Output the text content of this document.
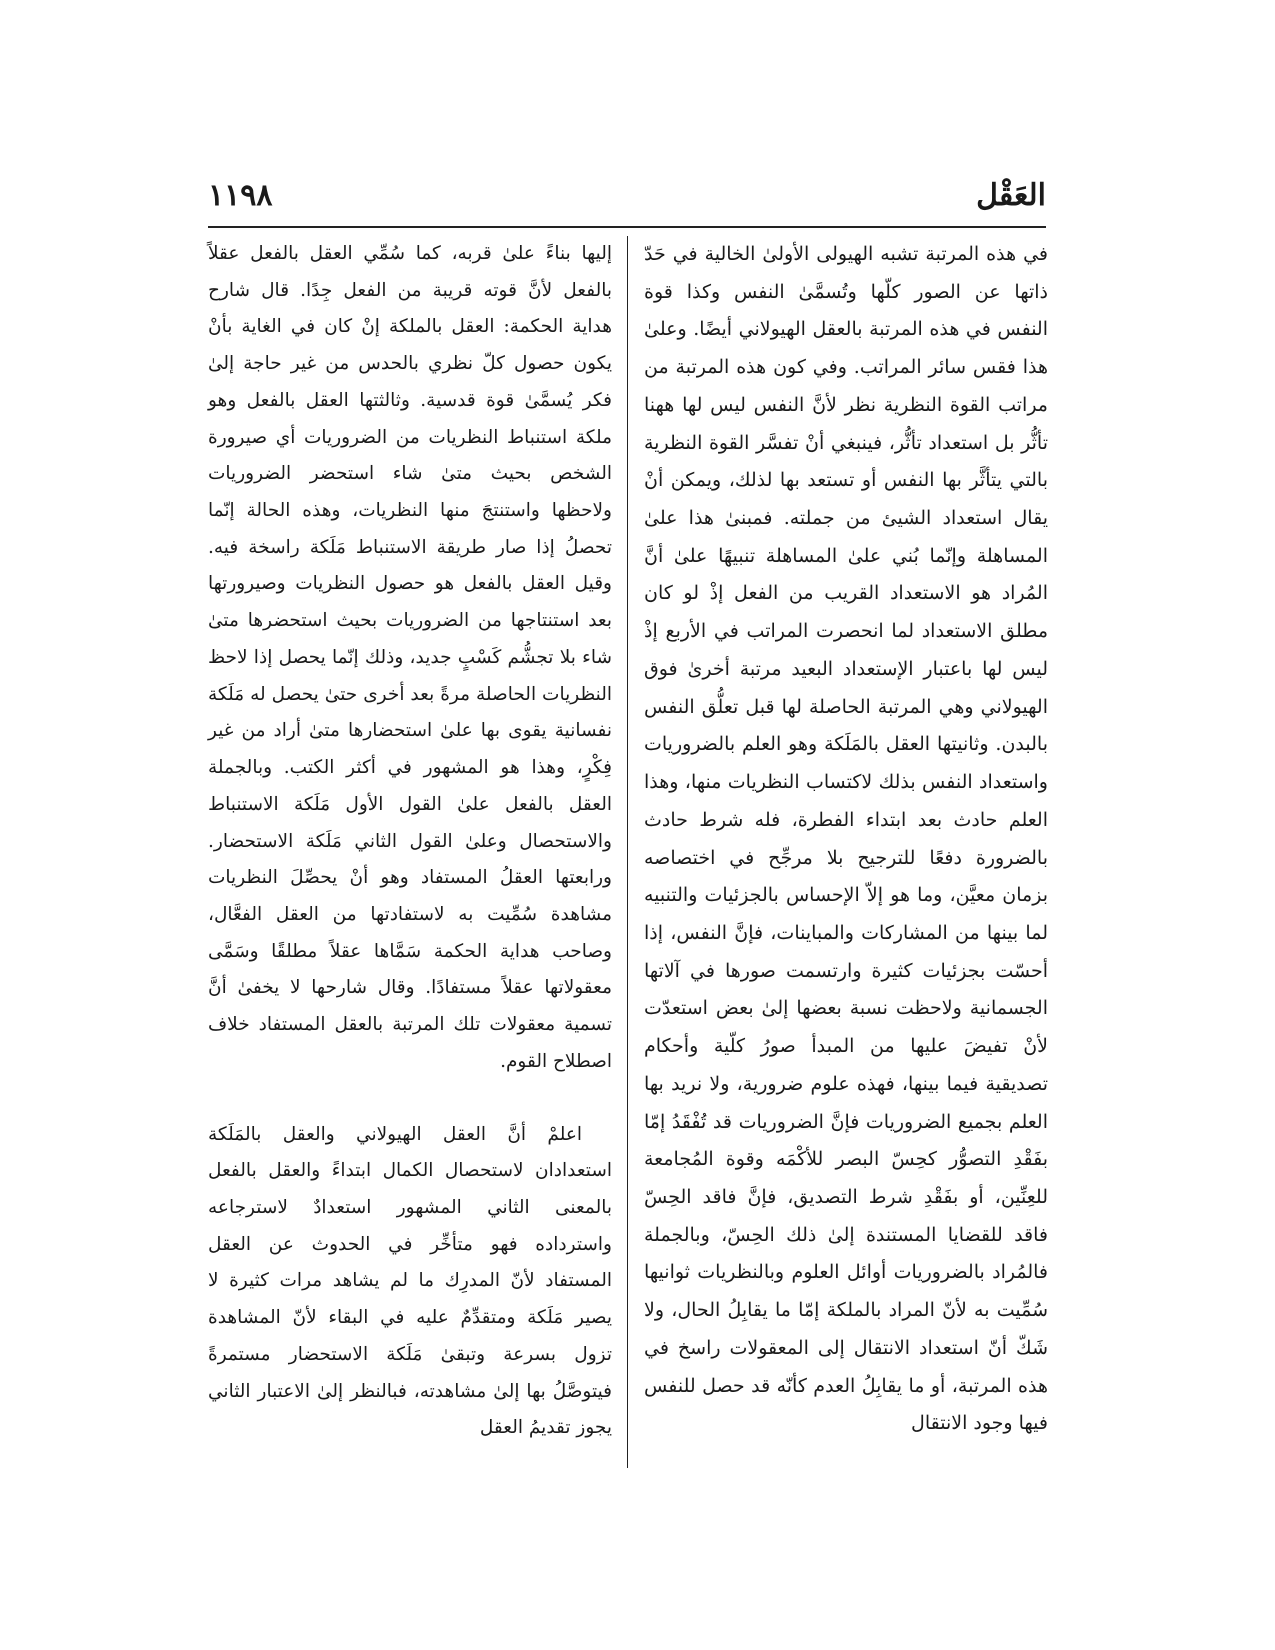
العَقْل
١١٩٨

في هذه المرتبة تشبه الهيولى الأولىٰ الخالية في حَدّ ذاتها عن الصور كلّها وتُسمَّىٰ النفس وكذا قوة النفس في هذه المرتبة بالعقل الهيولاني أيضًا. وعلىٰ هذا فقس سائر المراتب. وفي كون هذه المرتبة من مراتب القوة النظرية نظر لأنَّ النفس ليس لها ههنا تأثُّر بل استعداد تأثُّر، فينبغي أنْ تفسَّر القوة النظرية بالتي يتأثَّر بها النفس أو تستعد بها لذلك، ويمكن أنْ يقال استعداد الشيئ من جملته. فمبنىٰ هذا علىٰ المساهلة وإنّما بُني علىٰ المساهلة تنبيهًا علىٰ أنَّ المُراد هو الاستعداد القريب من الفعل إذْ لو كان مطلق الاستعداد لما انحصرت المراتب في الأربع إذْ ليس لها باعتبار الإستعداد البعيد مرتبة أخرىٰ فوق الهيولاني وهي المرتبة الحاصلة لها قبل تعلُّق النفس بالبدن. وثانيتها العقل بالمَلَكة وهو العلم بالضروريات واستعداد النفس بذلك لاكتساب النظريات منها، وهذا العلم حادث بعد ابتداء الفطرة، فله شرط حادث بالضرورة دفعًا للترجيح بلا مرجِّح في اختصاصه بزمان معيَّن، وما هو إلاّ الإحساس بالجزئيات والتنبيه لما بينها من المشاركات والمباينات، فإنَّ النفس، إذا أحسّت بجزئيات كثيرة وارتسمت صورها في آلاتها الجسمانية ولاحظت نسبة بعضها إلىٰ بعض استعدّت لأنْ تفيضَ عليها من المبدأ صورُ كلّية وأحكام تصديقية فيما بينها، فهذه علوم ضرورية، ولا نريد بها العلم بجميع الضروريات فإنَّ الضروريات قد تُفْقَدُ إمّا بفَقْدِ التصوُّر كحِسّ البصر للأكْمَه وقوة المُجامعة للعِنِّين، أو بفَقْدِ شرط التصديق، فإنَّ فاقد الحِسّ فاقد للقضايا المستندة إلىٰ ذلك الحِسّ، وبالجملة فالمُراد بالضروريات أوائل العلوم وبالنظريات ثوانيها سُمِّيت به لأنّ المراد بالملكة إمّا ما يقابِلُ الحال، ولا شَكّ أنّ استعداد الانتقال إلى المعقولات راسخ في هذه المرتبة، أو ما يقابِلُ العدم كأنّه قد حصل للنفس فيها وجود الانتقال

إليها بناءً علىٰ قربه، كما سُمِّي العقل بالفعل عقلاً بالفعل لأنَّ قوته قريبة من الفعل جِدًا. قال شارح هداية الحكمة: العقل بالملكة إنْ كان في الغاية بأنْ يكون حصول كلّ نظري بالحدس من غير حاجة إلىٰ فكر يُسمَّىٰ قوة قدسية. وثالثتها العقل بالفعل وهو ملكة استنباط النظريات من الضروريات أي صيرورة الشخص بحيث متىٰ شاء استحضر الضروريات ولاحظها واستنتجَ منها النظريات، وهذه الحالة إنّما تحصلُ إذا صار طريقة الاستنباط مَلَكة راسخة فيه. وقيل العقل بالفعل هو حصول النظريات وصيرورتها بعد استنتاجها من الضروريات بحيث استحضرها متىٰ شاء بلا تجشُّم كَسْبٍ جديد، وذلك إنّما يحصل إذا لاحظ النظريات الحاصلة مرةً بعد أخرى حتىٰ يحصل له مَلَكة نفسانية يقوى بها علىٰ استحضارها متىٰ أراد من غير فِكْرٍ، وهذا هو المشهور في أكثر الكتب. وبالجملة العقل بالفعل علىٰ القول الأول مَلَكة الاستنباط والاستحصال وعلىٰ القول الثاني مَلَكة الاستحضار. ورابعتها العقلُ المستفاد وهو أنْ يحصِّلَ النظريات مشاهدة سُمِّيت به لاستفادتها من العقل الفعَّال، وصاحب هداية الحكمة سَمَّاها عقلاً مطلقًا وسَمَّى معقولاتها عقلاً مستفادًا. وقال شارحها لا يخفىٰ أنَّ تسمية معقولات تلك المرتبة بالعقل المستفاد خلاف اصطلاح القوم.

اعلمْ أنَّ العقل الهيولاني والعقل بالمَلَكة استعدادان لاستحصال الكمال ابتداءً والعقل بالفعل بالمعنى الثاني المشهور استعدادٌ لاسترجاعه واسترداده فهو متأخِّر في الحدوث عن العقل المستفاد لأنّ المدرِك ما لم يشاهد مرات كثيرة لا يصير مَلَكة ومتقدِّمٌ عليه في البقاء لأنّ المشاهدة تزول بسرعة وتبقىٰ مَلَكة الاستحضار مستمرةً فيتوصَّلُ بها إلىٰ مشاهدته، فبالنظر إلىٰ الاعتبار الثاني يجوز تقديمُ العقل
